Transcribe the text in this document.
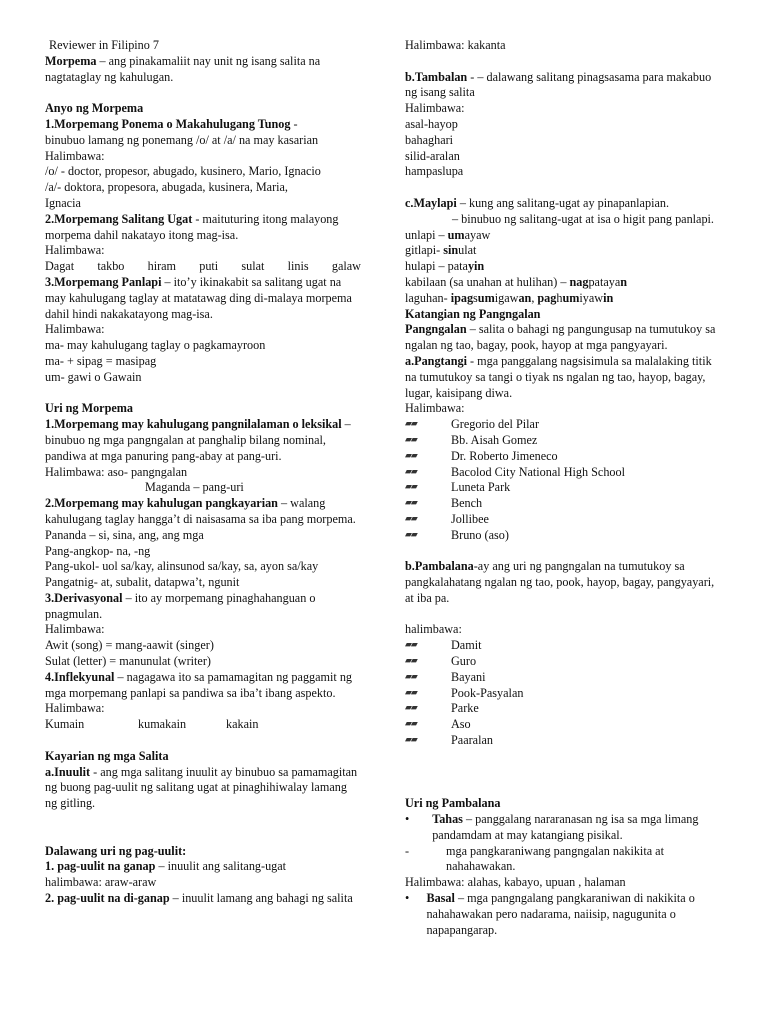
Reviewer in Filipino 7
Morpema – ang pinakamaliit nay unit ng isang salita na nagtataglay ng kahulugan.
Anyo ng Morpema
1.Morpemang Ponema o Makahulugang Tunog -
binubuo lamang ng ponemang /o/ at /a/ na may kasarian
Halimbawa:
/o/ - doctor, propesor, abugado, kusinero, Mario, Ignacio
/a/- doktora, propesora, abugada, kusinera, Maria,
Ignacia
2.Morpemang Salitang Ugat - maituturing itong malayong morpema dahil nakatayo itong mag-isa.
Halimbawa:
Dagat takbo hiram puti sulat linis galaw
3.Morpemang Panlapi – ito’y ikinakabit sa salitang ugat na may kahulugang taglay at matatawag ding di-malaya morpema dahil hindi nakakatayong mag-isa.
Halimbawa:
ma- may kahulugang taglay o pagkamayroon
ma- + sipag = masipag
um- gawi o Gawain
Uri ng Morpema
1.Morpemang may kahulugang pangnilalaman o leksikal – binubuo ng mga pangngalan at panghalip bilang nominal, pandiwa at mga panuring pang-abay at pang-uri.
Halimbawa: aso- pangngalan
Maganda – pang-uri
2.Morpemang may kahulugan pangkayarian – walang kahulugang taglay hangga’t di naisasama sa iba pang morpema.
Pananda – si, sina, ang, ang mga
Pang-angkop- na, -ng
Pang-ukol- uol sa/kay, alinsunod sa/kay, sa, ayon sa/kay
Pangatnig- at, subalit, datapwa’t, ngunit
3.Derivasyonal – ito ay morpemang pinaghahanguan o pnagmulan.
Halimbawa:
Awit (song) = mang-aawit (singer)
Sulat (letter) = manunulat (writer)
4.Inflekyunal – nagagawa ito sa pamamagitan ng paggamit ng mga morpemang panlapi sa pandiwa sa iba’t ibang aspekto.
Halimbawa:
Kumain	kumakain	kakain
Kayarian ng mga Salita
a.Inuulit - ang mga salitang inuulit ay binubuo sa pamamagitan ng buong pag-uulit ng salitang ugat at pinaghihiwalay lamang ng gitling.
Dalawang uri ng pag-uulit:
1. pag-uulit na ganap – inuulit ang salitang-ugat
halimbawa: araw-araw
2. pag-uulit na di-ganap – inuulit lamang ang bahagi ng salita
Halimbawa: kakanta
b.Tambalan - – dalawang salitang pinagsasama para makabuo ng isang salita
Halimbawa:
asal-hayop
bahaghari
silid-aralan
hampaslupa
c.Maylapi – kung ang salitang-ugat ay pinapanlapian.
– binubuo ng salitang-ugat at isa o higit pang panlapi.
unlapi – umayaw
gitlapi- sinulat
hulapi – patayin
kabilaan (sa unahan at hulihan) – nagpatayan
laguhan- ipagsumigawan, paghumiyawin
Katangian ng Pangngalan
Pangngalan – salita o bahagi ng pangungusap na tumutukoy sa ngalan ng tao, bagay, pook, hayop at mga pangyayari.
a.Pangtangi - mga panggalang nagsisimula sa malalaking titik na tumutukoy sa tangi o tiyak ns ngalan ng tao, hayop, bagay, lugar, kaisipang diwa.
Halimbawa:
▰▰	Gregorio del Pilar
▰▰	Bb. Aisah Gomez
▰▰	Dr. Roberto Jimeneco
▰▰	Bacolod City National High School
▰▰	Luneta Park
▰▰	Bench
▰▰	Jollibee
▰▰	Bruno (aso)
b.Pambalana-ay ang uri ng pangngalan na tumutukoy sa pangkalahatang ngalan ng tao, pook, hayop, bagay, pangyayari, at iba pa.
halimbawa:
▰▰	Damit
▰▰	Guro
▰▰	Bayani
▰▰	Pook-Pasyalan
▰▰	Parke
▰▰	Aso
▰▰	Paaralan
Uri ng Pambalana
•	Tahas – panggalang nararanasan ng isa sa mga limang pandamdam at may katangiang pisikal.
-	mga pangkaraniwang pangngalan nakikita at nahahawakan.
Halimbawa: alahas, kabayo, upuan , halaman
•	Basal – mga pangngalang pangkaraniwan di nakikita o nahahawakan pero nadarama, naiisip, nagugunita o napapangarap.
